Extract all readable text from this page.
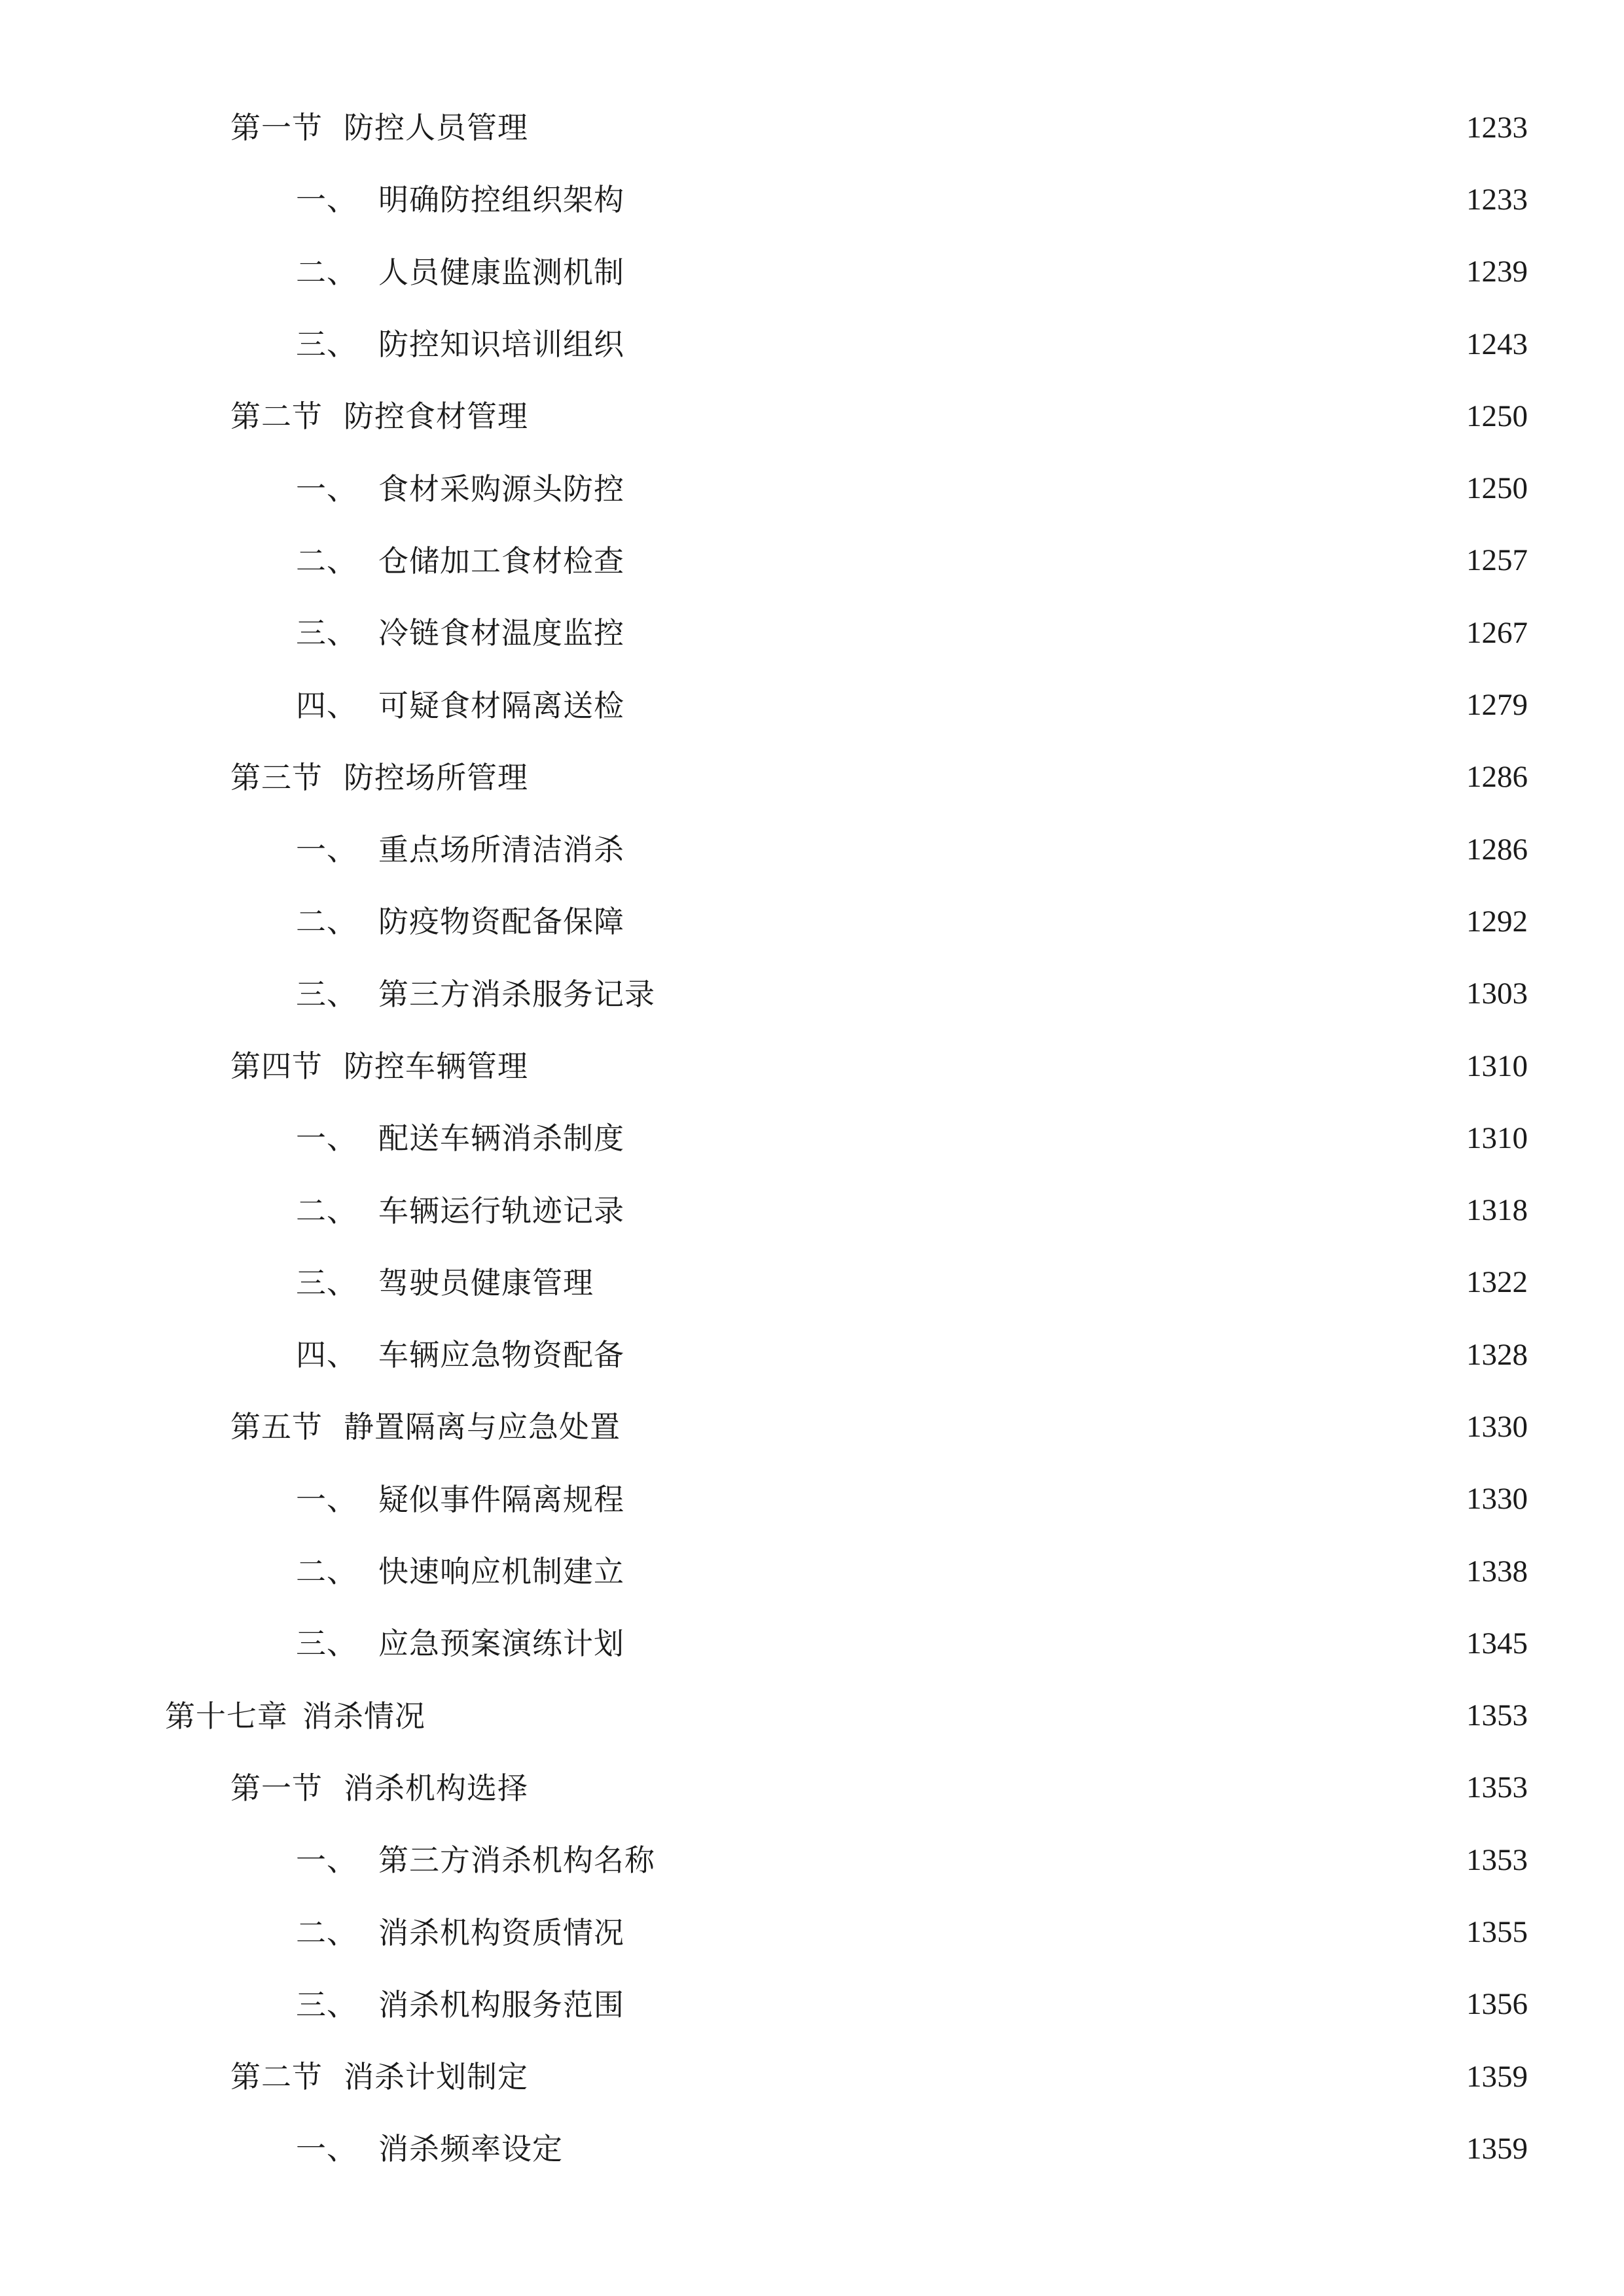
第一节 防控人员管理	1233
一、 明确防控组织架构	1233
二、 人员健康监测机制	1239
三、 防控知识培训组织	1243
第二节 防控食材管理	1250
一、 食材采购源头防控	1250
二、 仓储加工食材检查	1257
三、 冷链食材温度监控	1267
四、 可疑食材隔离送检	1279
第三节 防控场所管理	1286
一、 重点场所清洁消杀	1286
二、 防疫物资配备保障	1292
三、 第三方消杀服务记录	1303
第四节 防控车辆管理	1310
一、 配送车辆消杀制度	1310
二、 车辆运行轨迹记录	1318
三、 驾驶员健康管理	1322
四、 车辆应急物资配备	1328
第五节 静置隔离与应急处置	1330
一、 疑似事件隔离规程	1330
二、 快速响应机制建立	1338
三、 应急预案演练计划	1345
第十七章 消杀情况	1353
第一节 消杀机构选择	1353
一、 第三方消杀机构名称	1353
二、 消杀机构资质情况	1355
三、 消杀机构服务范围	1356
第二节 消杀计划制定	1359
一、 消杀频率设定	1359
